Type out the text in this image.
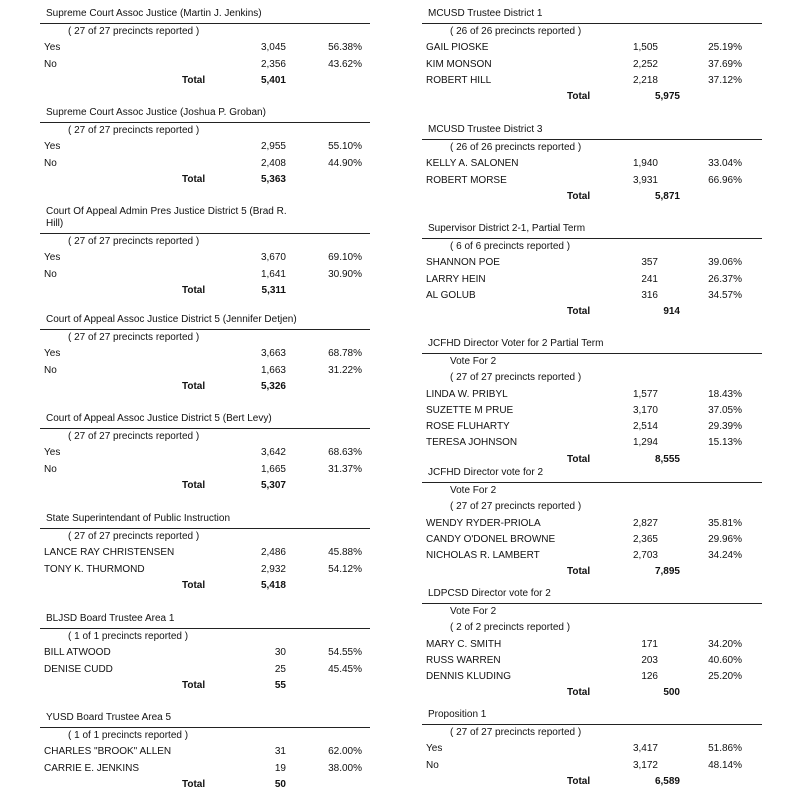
Supreme Court Assoc Justice (Martin J. Jenkins)
( 27 of 27 precincts reported )
Yes	3,045	56.38%
No	2,356	43.62%
Total	5,401
Supreme Court Assoc Justice (Joshua P. Groban)
( 27 of 27 precincts reported )
Yes	2,955	55.10%
No	2,408	44.90%
Total	5,363
Court Of Appeal Admin Pres Justice District 5 (Brad R. Hill)
( 27 of 27 precincts reported )
Yes	3,670	69.10%
No	1,641	30.90%
Total	5,311
Court of Appeal Assoc Justice District 5 (Jennifer Detjen)
( 27 of 27 precincts reported )
Yes	3,663	68.78%
No	1,663	31.22%
Total	5,326
Court of Appeal Assoc Justice District 5 (Bert Levy)
( 27 of 27 precincts reported )
Yes	3,642	68.63%
No	1,665	31.37%
Total	5,307
State Superintendant of Public Instruction
( 27 of 27 precincts reported )
LANCE RAY CHRISTENSEN	2,486	45.88%
TONY K. THURMOND	2,932	54.12%
Total	5,418
BLJSD Board Trustee Area 1
( 1 of 1 precincts reported )
BILL ATWOOD	30	54.55%
DENISE CUDD	25	45.45%
Total	55
YUSD Board Trustee Area 5
( 1 of 1 precincts reported )
CHARLES "BROOK" ALLEN	31	62.00%
CARRIE E. JENKINS	19	38.00%
Total	50
MCUSD Trustee District 1
( 26 of 26 precincts reported )
GAIL PIOSKE	1,505	25.19%
KIM MONSON	2,252	37.69%
ROBERT HILL	2,218	37.12%
Total	5,975
MCUSD Trustee District 3
( 26 of 26 precincts reported )
KELLY A. SALONEN	1,940	33.04%
ROBERT MORSE	3,931	66.96%
Total	5,871
Supervisor District 2-1, Partial Term
( 6 of 6 precincts reported )
SHANNON POE	357	39.06%
LARRY HEIN	241	26.37%
AL GOLUB	316	34.57%
Total	914
JCFHD Director Voter for 2 Partial Term
Vote For 2
( 27 of 27 precincts reported )
LINDA W. PRIBYL	1,577	18.43%
SUZETTE M PRUE	3,170	37.05%
ROSE FLUHARTY	2,514	29.39%
TERESA JOHNSON	1,294	15.13%
Total	8,555
JCFHD Director vote for 2
Vote For 2
( 27 of 27 precincts reported )
WENDY RYDER-PRIOLA	2,827	35.81%
CANDY O'DONEL BROWNE	2,365	29.96%
NICHOLAS R. LAMBERT	2,703	34.24%
Total	7,895
LDPCSD Director vote for 2
Vote For 2
( 2 of 2 precincts reported )
MARY C. SMITH	171	34.20%
RUSS WARREN	203	40.60%
DENNIS KLUDING	126	25.20%
Total	500
Proposition 1
( 27 of 27 precincts reported )
Yes	3,417	51.86%
No	3,172	48.14%
Total	6,589
